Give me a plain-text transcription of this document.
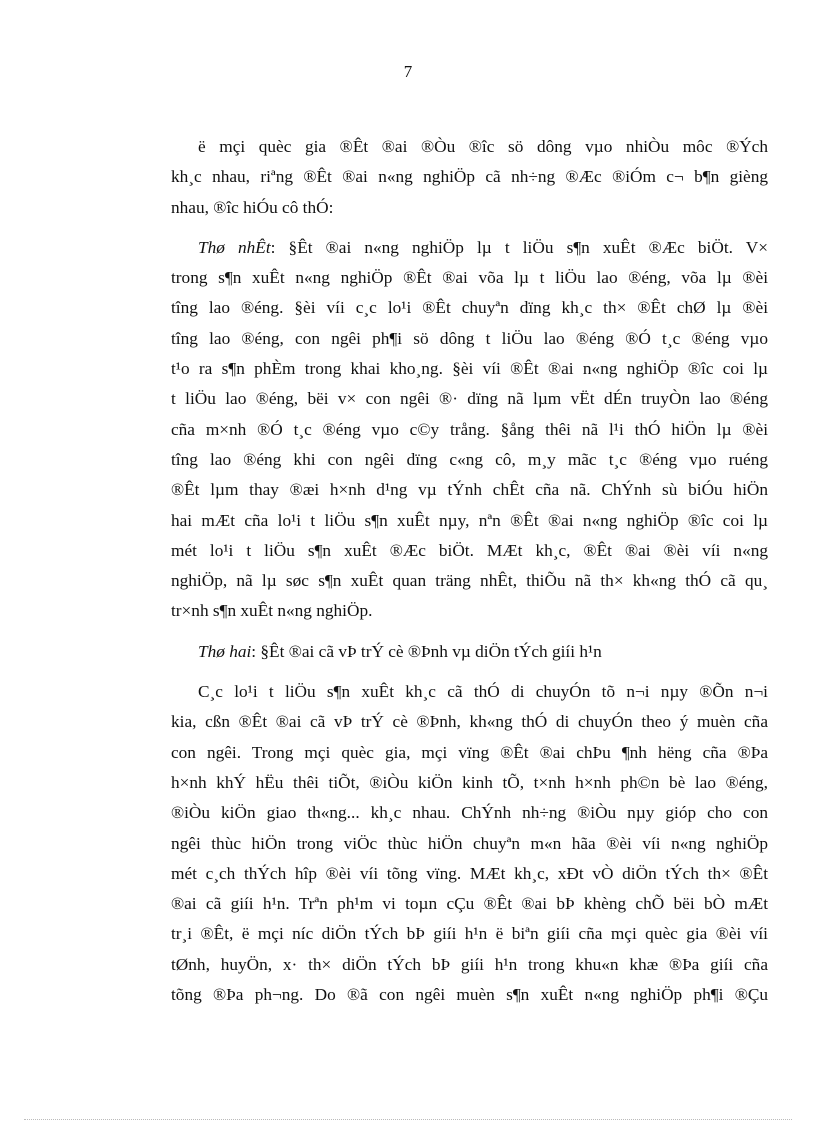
7
ë mçi quèc gia ®Êt ®ai ®Òu ®îc sö dông vµo nhiÒu môc ®Ých
kh¸c nhau, riªng ®Êt ®ai n«ng nghiÖp cã nh÷ng ®Æc ®iÓm c¬ b¶n gièng
nhau, ®îc hiÓu cô thÓ:
Thø nhÊt: §Êt ®ai n«ng nghiÖp lµ t liÖu s¶n xuÊt ®Æc biÖt. V×
trong s¶n xuÊt n«ng nghiÖp ®Êt ®ai võa lµ t liÖu lao ®éng, võa lµ ®èi
tîng lao ®éng. §èi víi c¸c lo¹i ®Êt chuyªn dïng kh¸c th× ®Êt chØ lµ ®èi
tîng lao ®éng, con ngêi ph¶i sö dông t liÖu lao ®éng ®Ó t¸c ®éng vµo
t¹o ra s¶n phÈm trong khai kho¸ng. §èi víi ®Êt ®ai n«ng nghiÖp ®îc coi lµ
t liÖu lao ®éng, bëi v× con ngêi ®· dïng nã lµm vËt dÉn truyÒn lao ®éng
cña m×nh ®Ó t¸c ®éng vµo c©y trång. §ång thêi nã l¹i thÓ hiÖn lµ ®èi
tîng lao ®éng khi con ngêi dïng c«ng cô, m¸y mãc t¸c ®éng vµo ruéng
®Êt lµm thay ®æi h×nh d¹ng vµ tÝnh chÊt cña nã. ChÝnh sù biÓu hiÖn
hai mÆt cña lo¹i t liÖu s¶n xuÊt nµy, nªn ®Êt ®ai n«ng nghiÖp ®îc coi lµ
mét lo¹i t liÖu s¶n xuÊt ®Æc biÖt. MÆt kh¸c, ®Êt ®ai ®èi víi n«ng
nghiÖp, nã lµ søc s¶n xuÊt quan träng nhÊt, thiÕu nã th× kh«ng thÓ cã qu¸
tr×nh s¶n xuÊt n«ng nghiÖp.
Thø hai: §Êt ®ai cã vÞ trÝ cè ®Þnh vµ diÖn tÝch giíi h¹n
C¸c lo¹i t liÖu s¶n xuÊt kh¸c cã thÓ di chuyÓn tõ n¬i nµy ®Õn n¬i
kia, cßn ®Êt ®ai cã vÞ trÝ cè ®Þnh, kh«ng thÓ di chuyÓn theo ý muèn cña
con ngêi. Trong mçi quèc gia, mçi vïng ®Êt ®ai chÞu ¶nh hëng cña ®Þa
h×nh khÝ hËu thêi tiÕt, ®iÒu kiÖn kinh tÕ, t×nh h×nh ph©n bè lao ®éng,
®iÒu kiÖn giao th«ng... kh¸c nhau. ChÝnh nh÷ng ®iÒu nµy gióp cho con
ngêi thùc hiÖn trong viÖc thùc hiÖn chuyªn m«n hãa ®èi víi n«ng nghiÖp
mét c¸ch thÝch hîp ®èi víi tõng vïng. MÆt kh¸c, xÐt vÒ diÖn tÝch th× ®Êt
®ai cã giíi h¹n. Trªn ph¹m vi toµn cÇu ®Êt ®ai bÞ khèng chÕ bëi bÒ mÆt
tr¸i ®Êt, ë mçi níc diÖn tÝch bÞ giíi h¹n ë biªn giíi cña mçi quèc gia ®èi víi
tØnh, huyÖn, x· th× diÖn tÝch bÞ giíi h¹n trong khu«n khæ ®Þa giíi cña
tõng ®Þa ph¬ng. Do ®ã con ngêi muèn s¶n xuÊt n«ng nghiÖp ph¶i ®Çu
